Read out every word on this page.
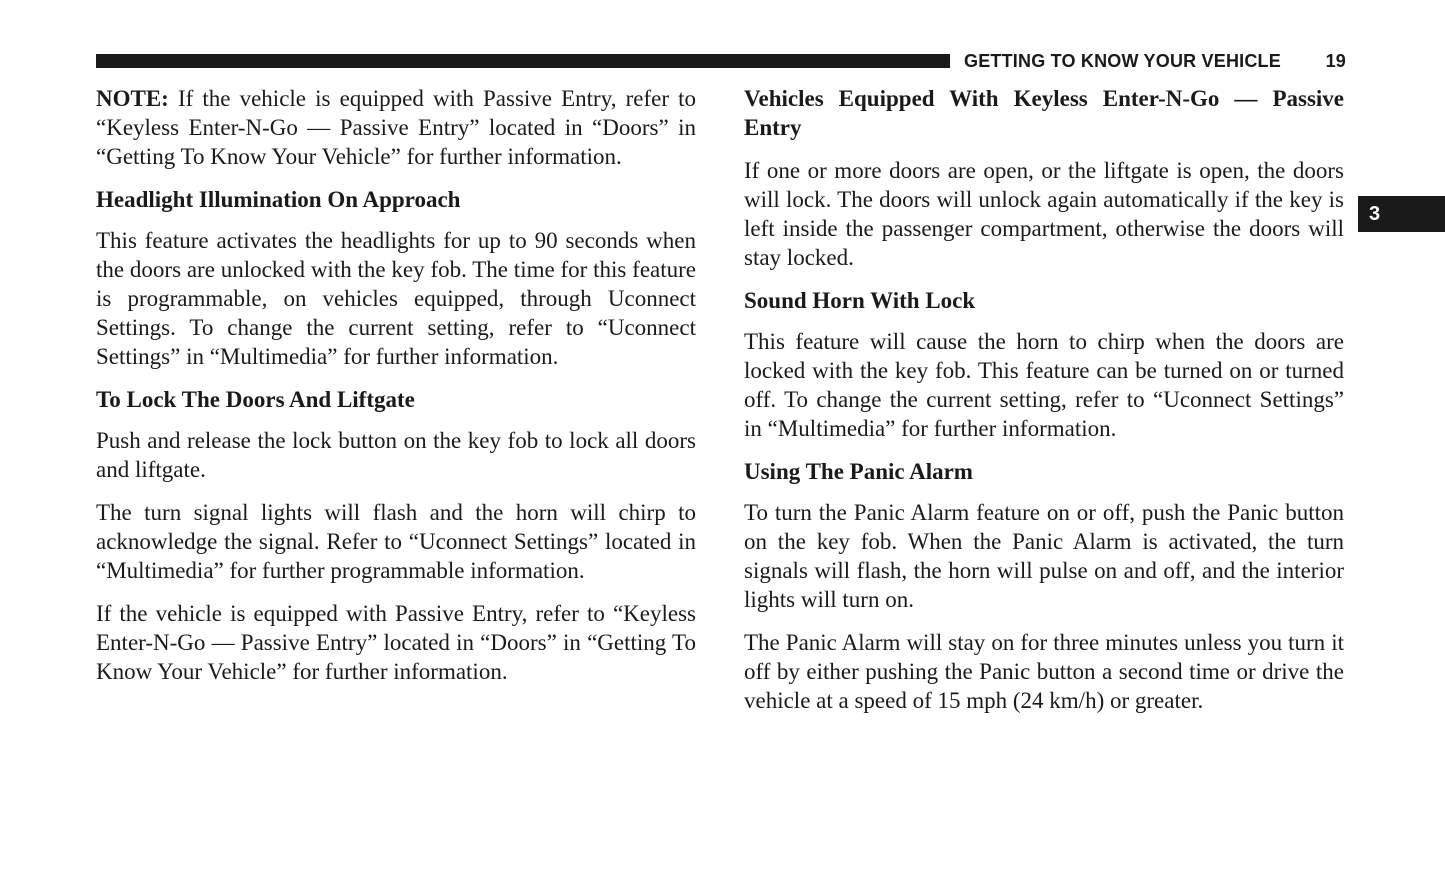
GETTING TO KNOW YOUR VEHICLE 19
3

NOTE: If the vehicle is equipped with Passive Entry, refer to “Keyless Enter-N-Go — Passive Entry” located in “Doors” in “Getting To Know Your Vehicle” for further information.

Headlight Illumination On Approach

This feature activates the headlights for up to 90 seconds when the doors are unlocked with the key fob. The time for this feature is programmable, on vehicles equipped, through Uconnect Settings. To change the current setting, refer to “Uconnect Settings” in “Multimedia” for further information.

To Lock The Doors And Liftgate

Push and release the lock button on the key fob to lock all doors and liftgate.

The turn signal lights will flash and the horn will chirp to acknowledge the signal. Refer to “Uconnect Settings” located in “Multimedia” for further programmable information.

If the vehicle is equipped with Passive Entry, refer to “Keyless Enter-N-Go — Passive Entry” located in “Doors” in “Getting To Know Your Vehicle” for further information.

Vehicles Equipped With Keyless Enter-N-Go — Passive Entry

If one or more doors are open, or the liftgate is open, the doors will lock. The doors will unlock again automatically if the key is left inside the passenger compartment, otherwise the doors will stay locked.

Sound Horn With Lock

This feature will cause the horn to chirp when the doors are locked with the key fob. This feature can be turned on or turned off. To change the current setting, refer to “Uconnect Settings” in “Multimedia” for further information.

Using The Panic Alarm

To turn the Panic Alarm feature on or off, push the Panic button on the key fob. When the Panic Alarm is activated, the turn signals will flash, the horn will pulse on and off, and the interior lights will turn on.

The Panic Alarm will stay on for three minutes unless you turn it off by either pushing the Panic button a second time or drive the vehicle at a speed of 15 mph (24 km/h) or greater.
